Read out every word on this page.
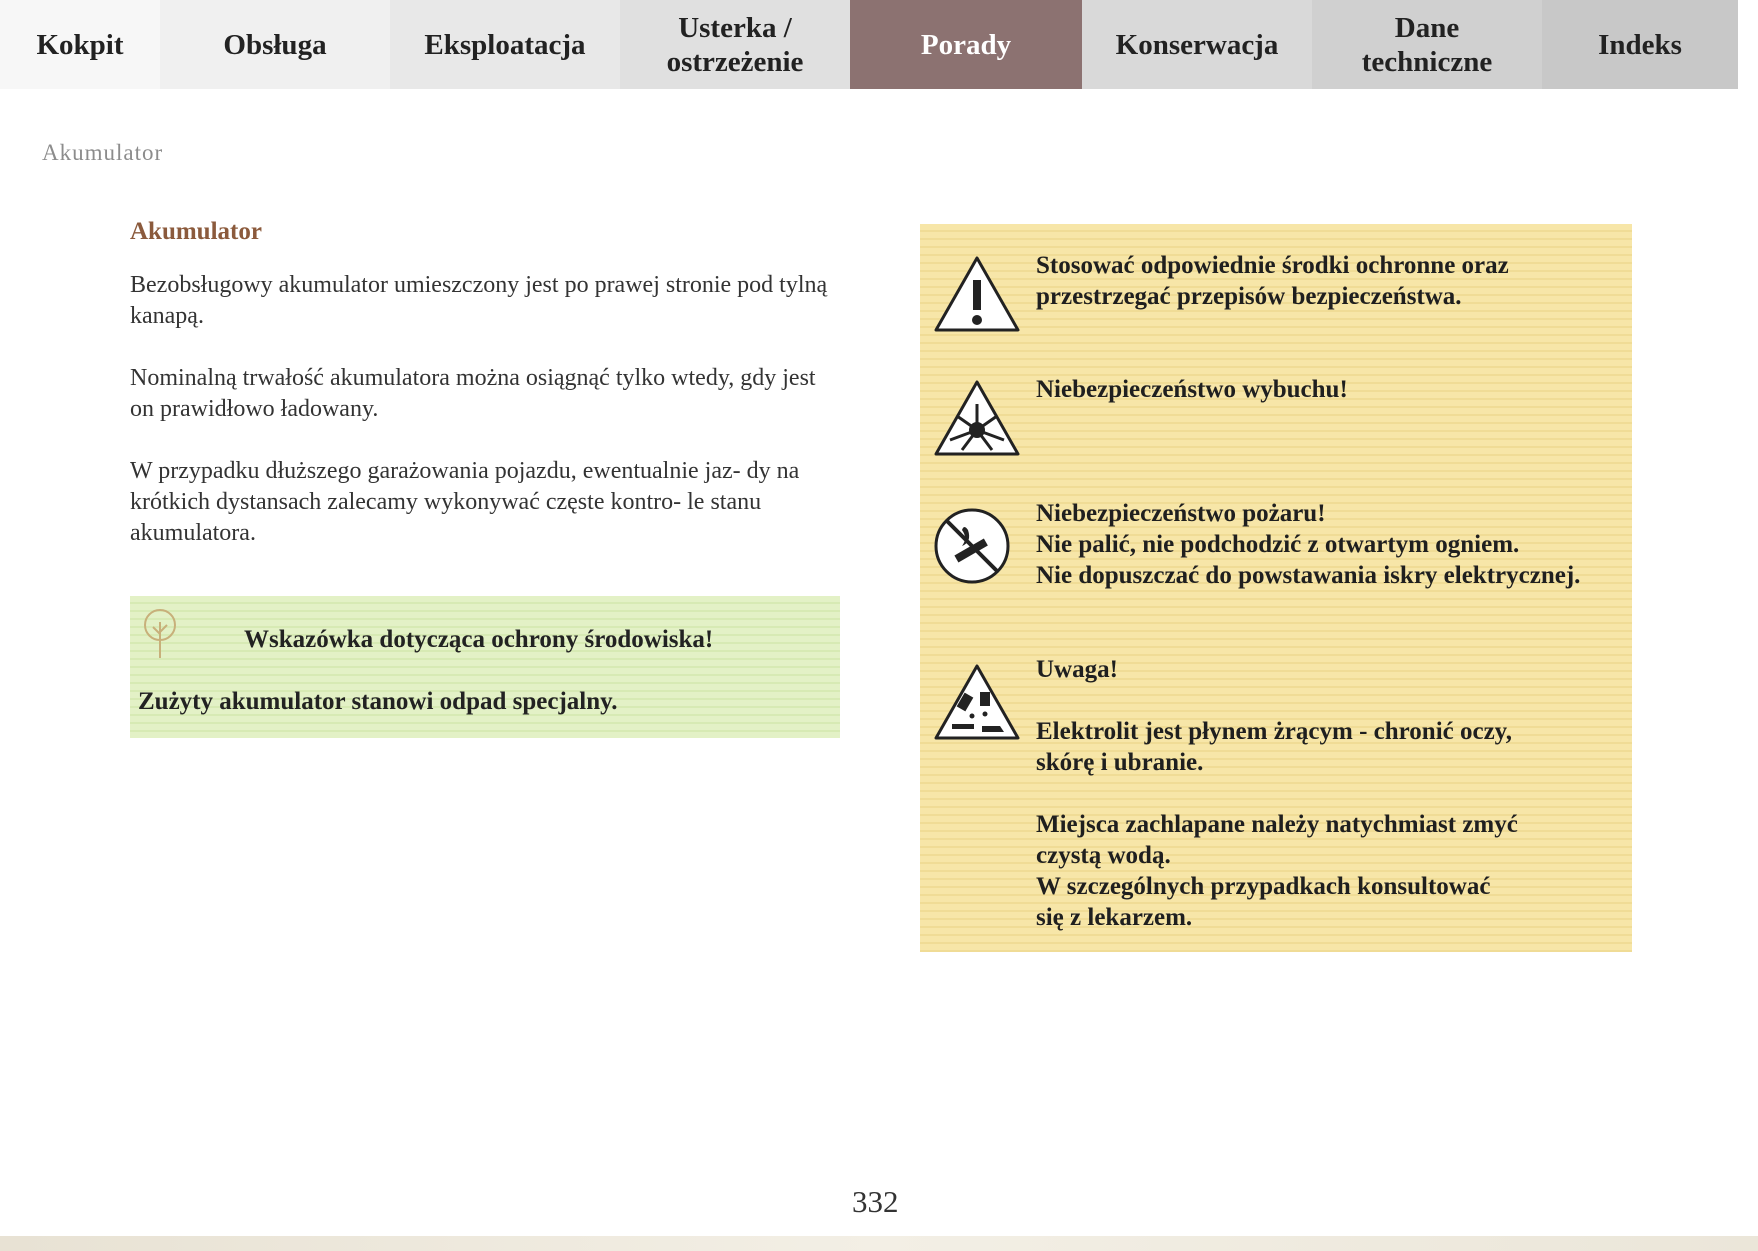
Kokpit	Obsługa	Eksploatacja
Usterka / ostrzeżenie
Porady	Konserwacja
Dane techniczne
Indeks
Akumulator
Akumulator

Bezobsługowy akumulator umieszczony jest po prawej stronie pod tylną kanapą.

Nominalną trwałość akumulatora można osiągnąć tylko wtedy, gdy jest on prawidłowo ładowany.

W przypadku dłuższego garażowania pojazdu, ewentualnie jaz- dy na krótkich dystansach zalecamy wykonywać częste kontro- le stanu akumulatora.

Wskazówka dotycząca ochrony środowiska!
Zużyty akumulator stanowi odpad specjalny.
Stosować odpowiednie środki ochronne oraz
przestrzegać przepisów bezpieczeństwa.
Niebezpieczeństwo wybuchu!
Niebezpieczeństwo pożaru!
Nie palić, nie podchodzić z otwartym ogniem.
Nie dopuszczać do powstawania iskry elektrycznej.
Uwaga!
Elektrolit jest płynem żrącym - chronić oczy,
skórę i ubranie.
Miejsca zachlapane należy natychmiast zmyć
czystą wodą.
W szczególnych przypadkach konsultować
się z lekarzem.
332
